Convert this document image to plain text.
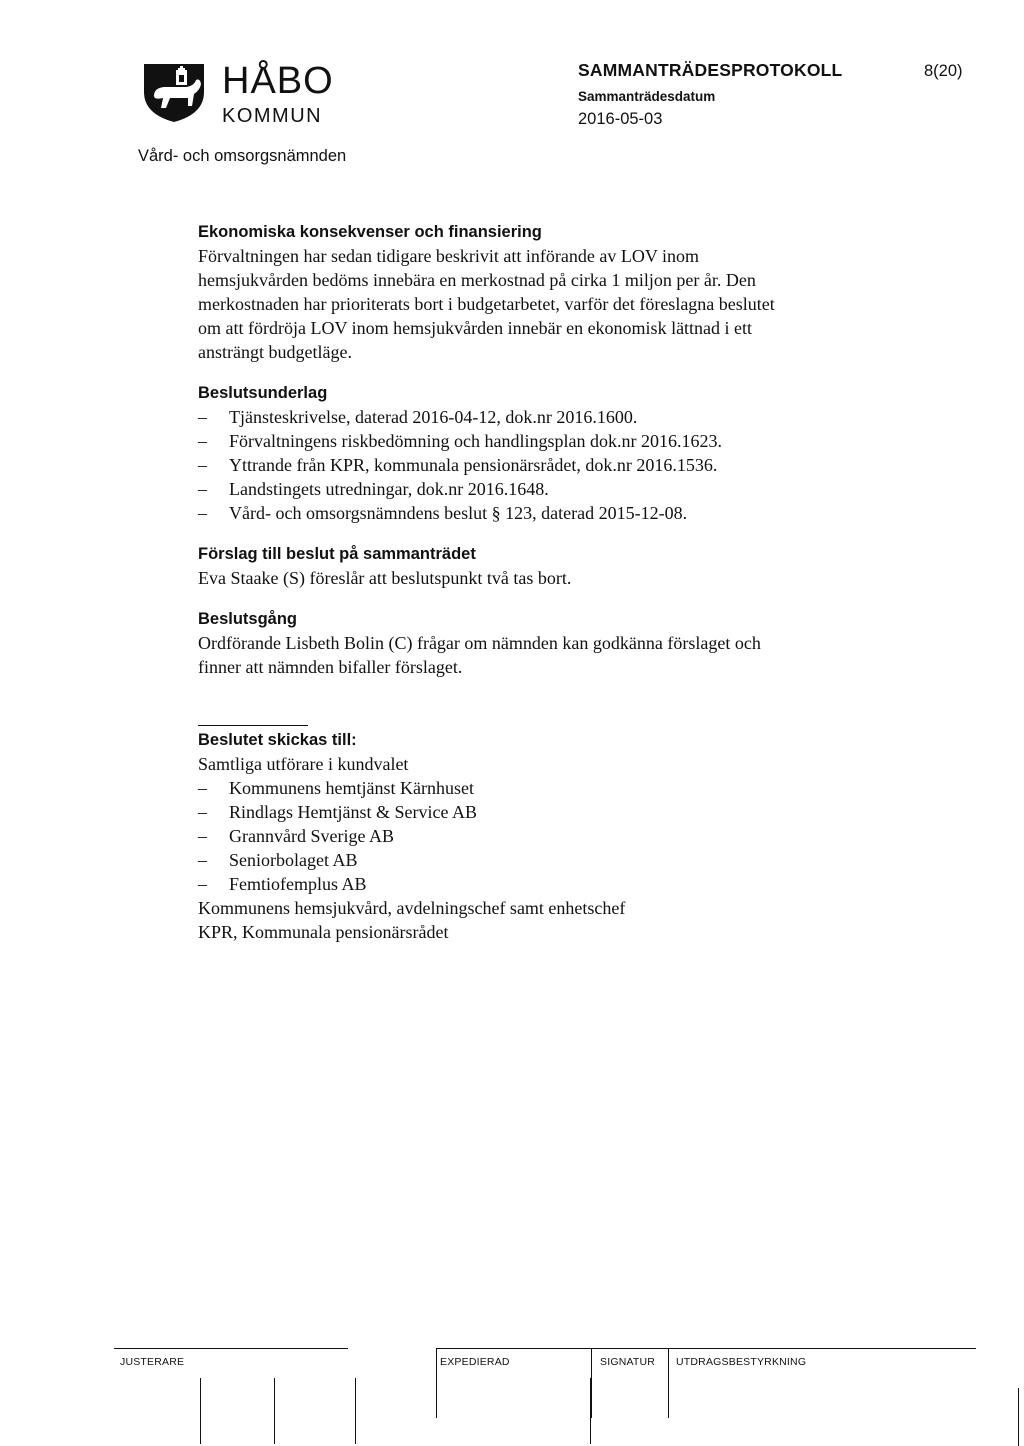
HÅBO
KOMMUN
Vård- och omsorgsnämnden
SAMMANTRÄDESPROTOKOLL	8(20)
Sammanträdesdatum
2016-05-03

Ekonomiska konsekvenser och finansiering

Förvaltningen har sedan tidigare beskrivit att införande av LOV inom

hemsjukvården bedöms innebära en merkostnad på cirka 1 miljon per år. Den

merkostnaden har prioriterats bort i budgetarbetet, varför det föreslagna beslutet

om att fördröja LOV inom hemsjukvården innebär en ekonomisk lättnad i ett

ansträngt budgetläge.

Beslutsunderlag

– Tjänsteskrivelse, daterad 2016-04-12, dok.nr 2016.1600.
– Förvaltningens riskbedömning och handlingsplan dok.nr 2016.1623.
– Yttrande från KPR, kommunala pensionärsrådet, dok.nr 2016.1536.
– Landstingets utredningar, dok.nr 2016.1648.
– Vård- och omsorgsnämndens beslut § 123, daterad 2015-12-08.

Förslag till beslut på sammanträdet

Eva Staake (S) föreslår att beslutspunkt två tas bort.

Beslutsgång

Ordförande Lisbeth Bolin (C) frågar om nämnden kan godkänna förslaget och

finner att nämnden bifaller förslaget.

Beslutet skickas till:

Samtliga utförare i kundvalet

– Kommunens hemtjänst Kärnhuset
– Rindlags Hemtjänst & Service AB
– Grannvård Sverige AB
– Seniorbolaget AB
– Femtiofemplus AB

Kommunens hemsjukvård, avdelningschef samt enhetschef

KPR, Kommunala pensionärsrådet

JUSTERARE	EXPEDIERAD	SIGNATUR UTDRAGSBESTYRKNING
